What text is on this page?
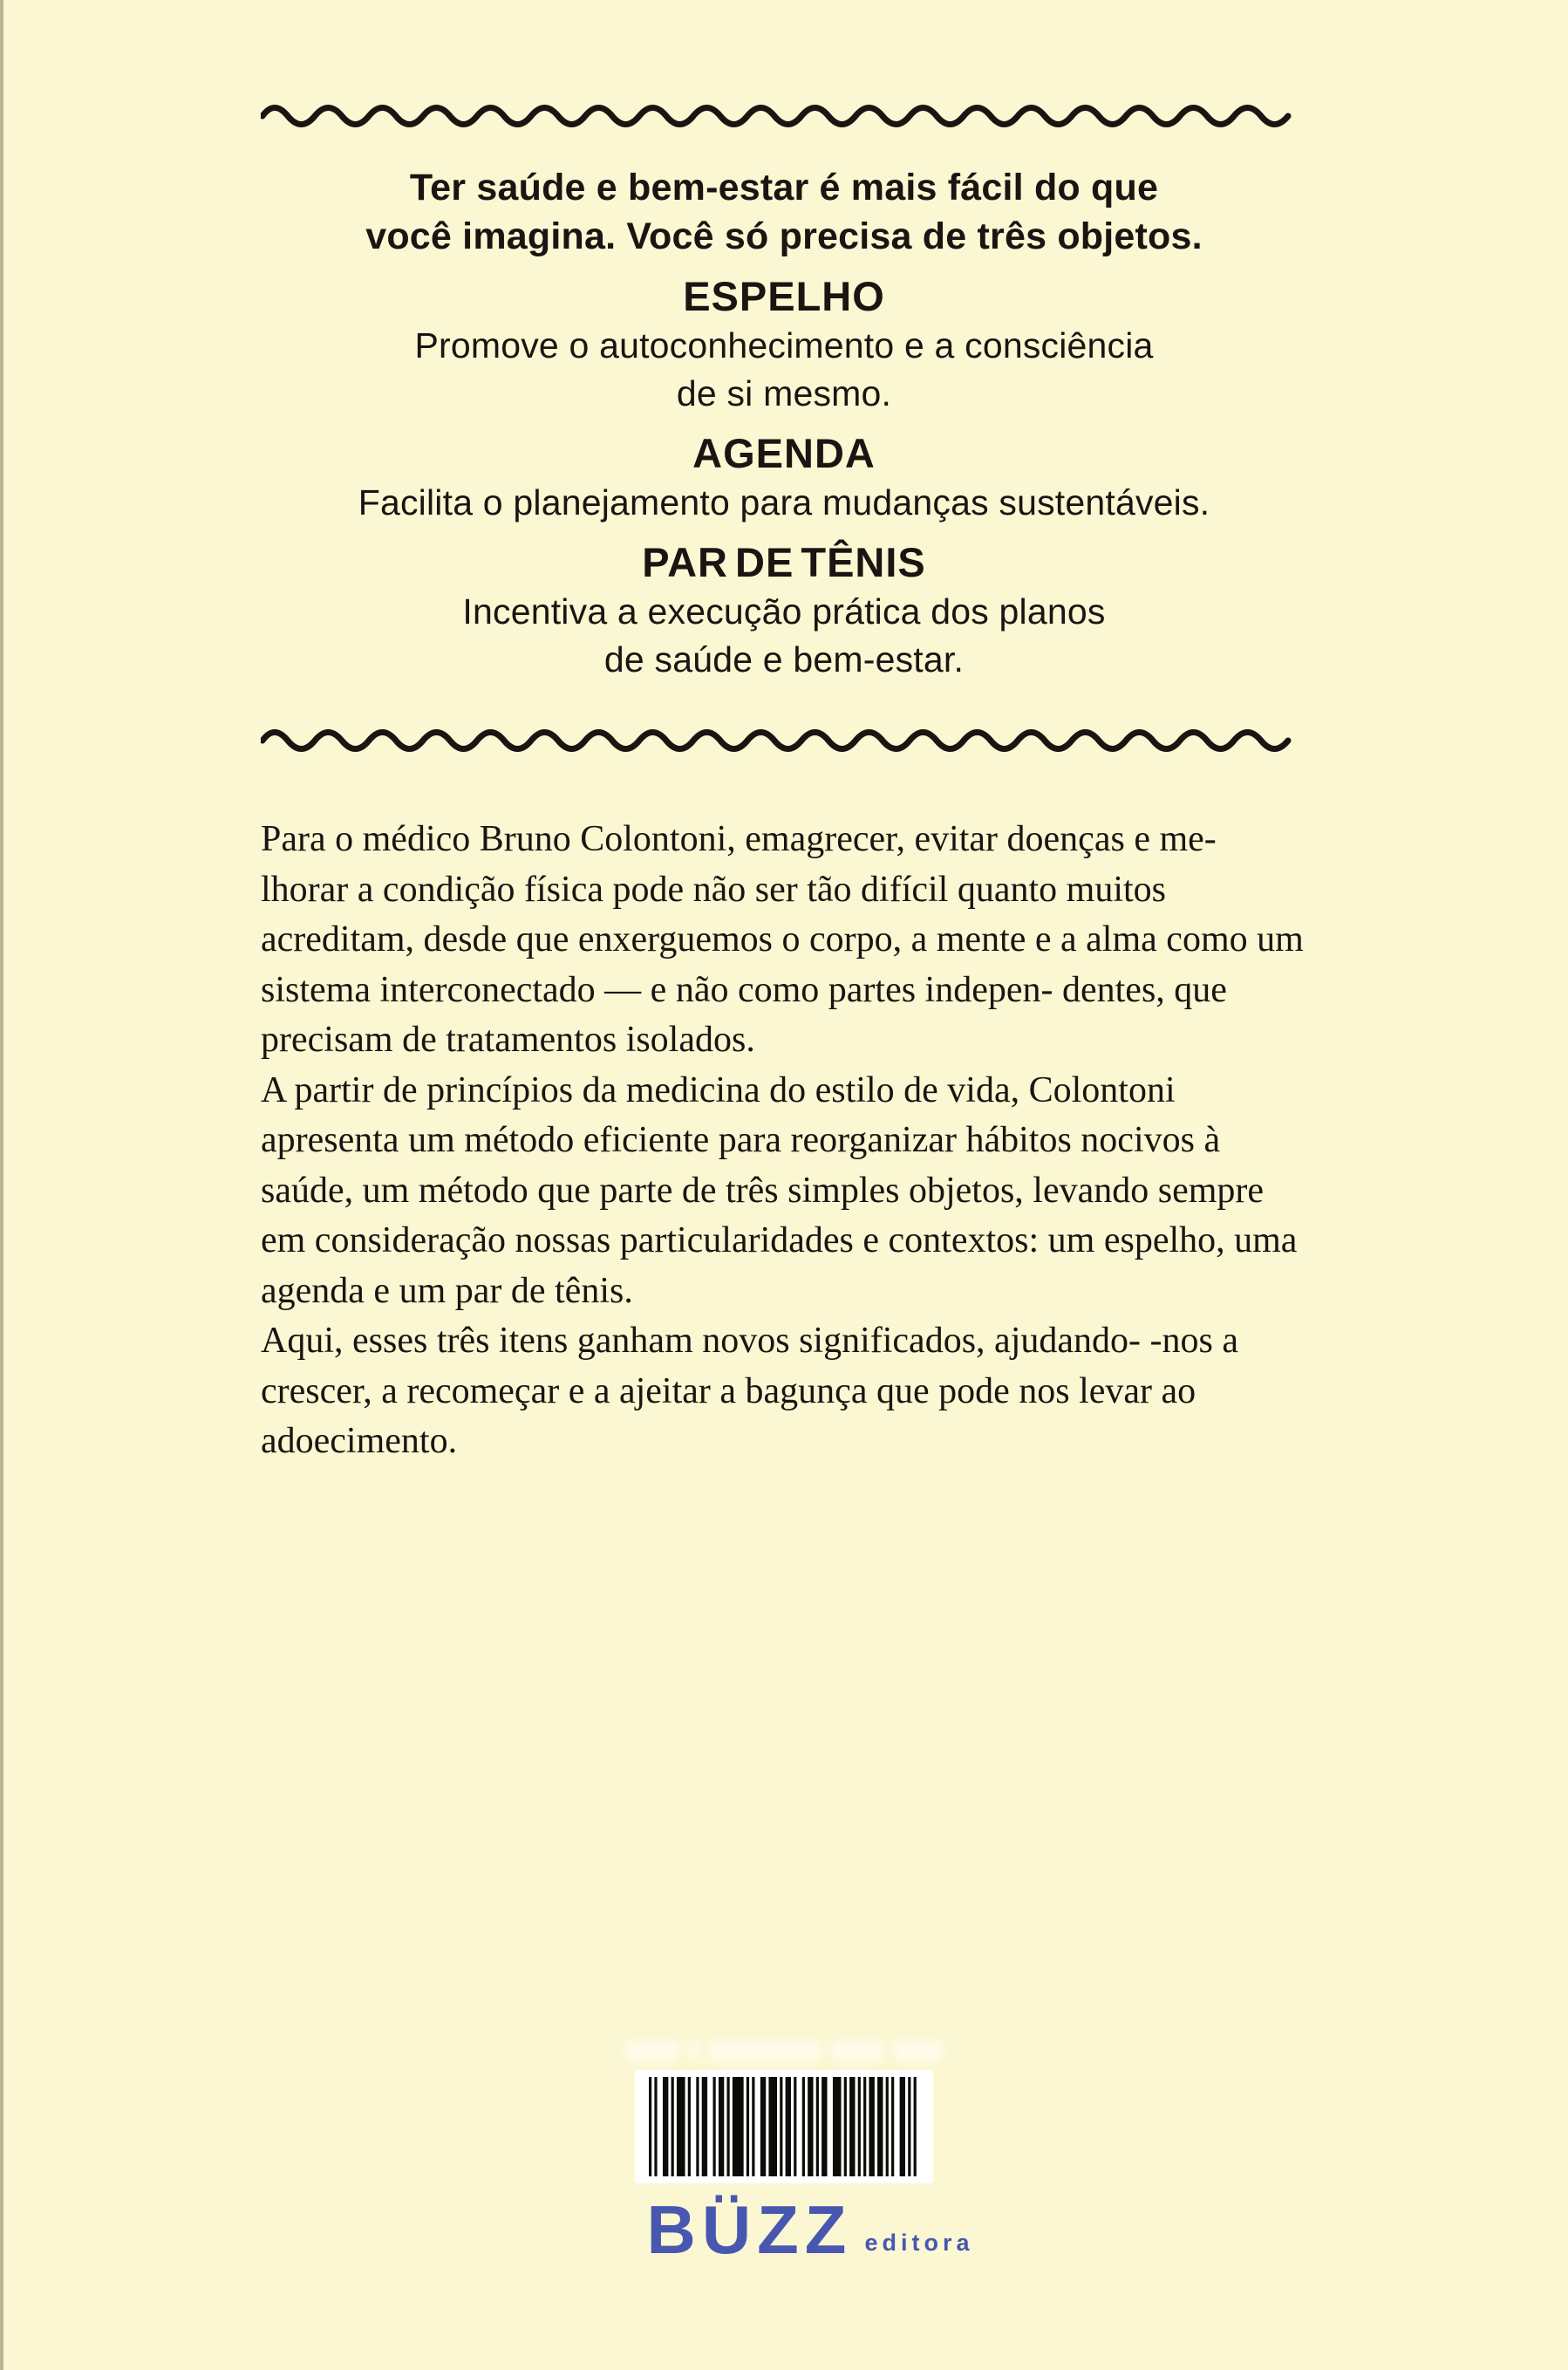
Ter saúde e bem-estar é mais fácil do que
você imagina. Você só precisa de três objetos.
ESPELHO
Promove o autoconhecimento e a consciência
de si mesmo.
AGENDA
Facilita o planejamento para mudanças sustentáveis.
PAR DE TÊNIS
Incentiva a execução prática dos planos
de saúde e bem-estar.

Para o médico Bruno Colontoni, emagrecer, evitar doenças e me- lhorar a condição física pode não ser tão difícil quanto muitos acreditam, desde que enxerguemos o corpo, a mente e a alma como um sistema interconectado — e não como partes indepen- dentes, que precisam de tratamentos isolados.

A partir de princípios da medicina do estilo de vida, Colontoni apresenta um método eficiente para reorganizar hábitos nocivos à saúde, um método que parte de três simples objetos, levando sempre em consideração nossas particularidades e contextos: um espelho, uma agenda e um par de tênis.

Aqui, esses três itens ganham novos significados, ajudando- -nos a crescer, a recomeçar e a ajeitar a bagunça que pode nos levar ao adoecimento.

BÜZZ editora
